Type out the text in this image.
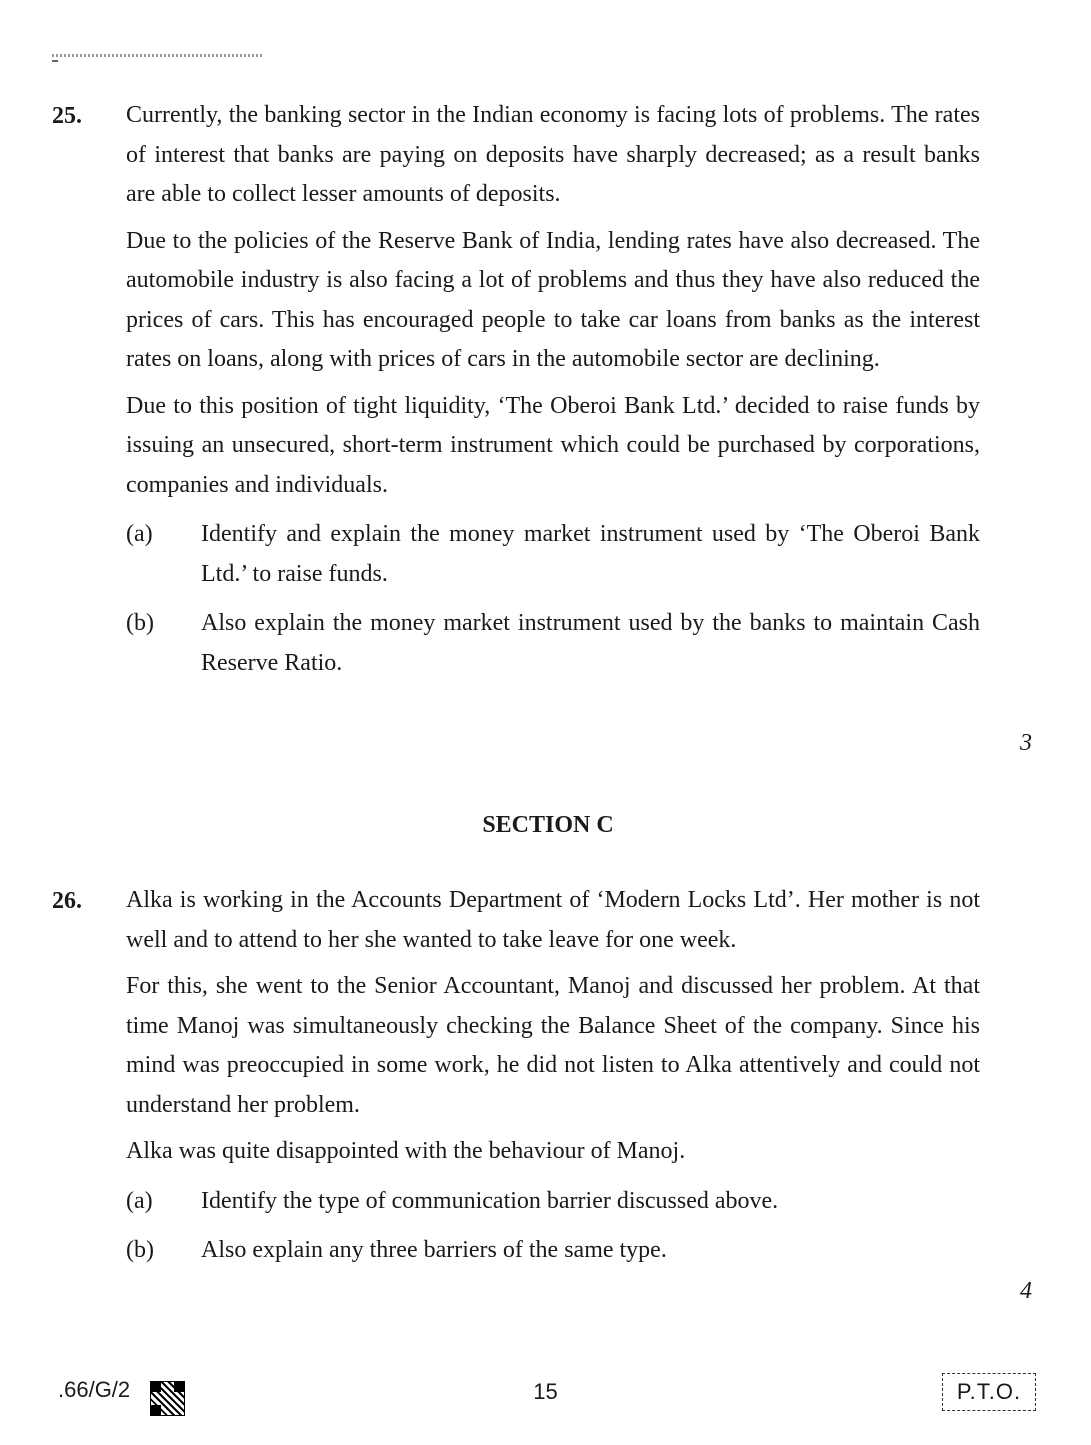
25. Currently, the banking sector in the Indian economy is facing lots of problems. The rates of interest that banks are paying on deposits have sharply decreased; as a result banks are able to collect lesser amounts of deposits.

Due to the policies of the Reserve Bank of India, lending rates have also decreased. The automobile industry is also facing a lot of problems and thus they have also reduced the prices of cars. This has encouraged people to take car loans from banks as the interest rates on loans, along with prices of cars in the automobile sector are declining.

Due to this position of tight liquidity, ‘The Oberoi Bank Ltd.’ decided to raise funds by issuing an unsecured, short-term instrument which could be purchased by corporations, companies and individuals.

(a) Identify and explain the money market instrument used by ‘The Oberoi Bank Ltd.’ to raise funds.
(b) Also explain the money market instrument used by the banks to maintain Cash Reserve Ratio.
3
SECTION C
26. Alka is working in the Accounts Department of ‘Modern Locks Ltd’. Her mother is not well and to attend to her she wanted to take leave for one week.

For this, she went to the Senior Accountant, Manoj and discussed her problem. At that time Manoj was simultaneously checking the Balance Sheet of the company. Since his mind was preoccupied in some work, he did not listen to Alka attentively and could not understand her problem.

Alka was quite disappointed with the behaviour of Manoj.

(a) Identify the type of communication barrier discussed above.
(b) Also explain any three barriers of the same type.
4
.66/G/2	15	P.T.O.
